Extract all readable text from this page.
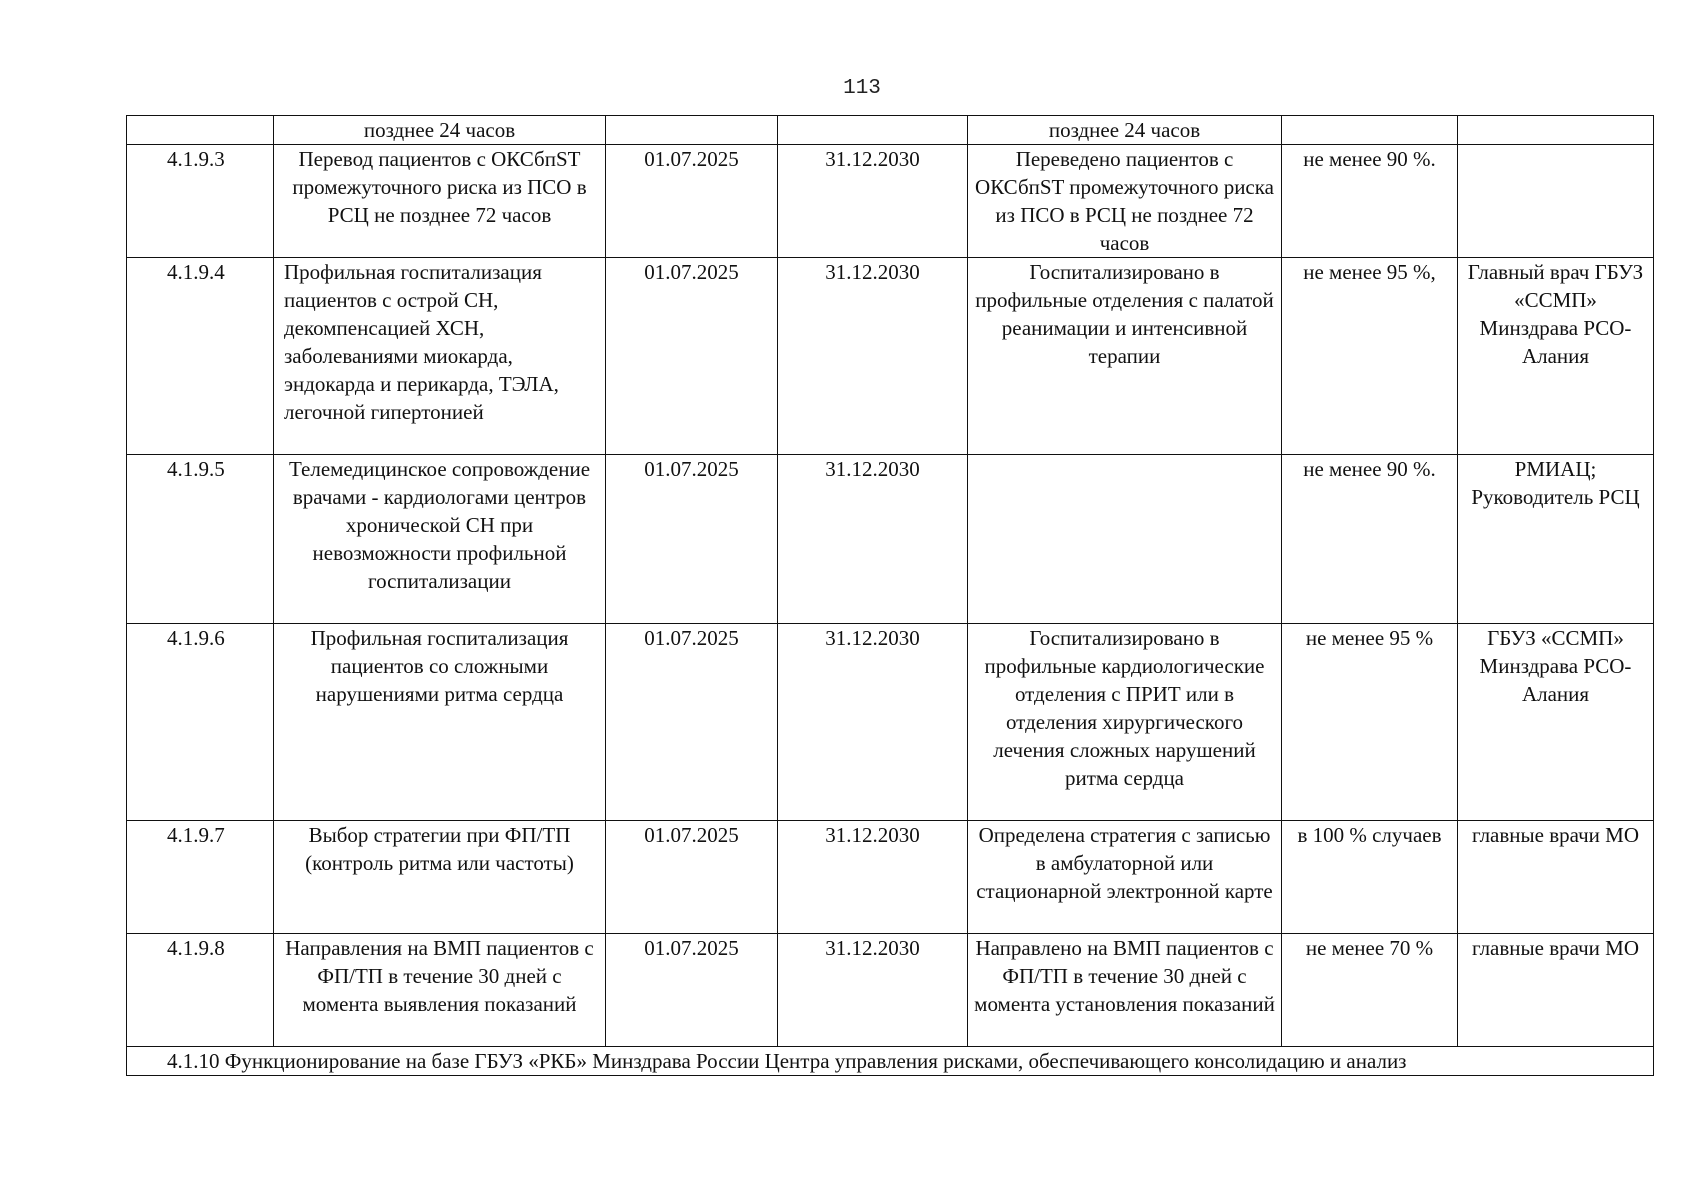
113
	позднее 24 часов			позднее 24 часов		
4.1.9.3	Перевод пациентов с ОКСбпST промежуточного риска из ПСО в РСЦ не позднее 72 часов	01.07.2025	31.12.2030	Переведено пациентов с ОКСбпST промежуточного риска из ПСО в РСЦ не позднее 72 часов	не менее 90 %.	
4.1.9.4	Профильная госпитализация пациентов с острой СН, декомпенсацией ХСН, заболеваниями миокарда, эндокарда и перикарда, ТЭЛА, легочной гипертонией	01.07.2025	31.12.2030	Госпитализировано в профильные отделения с палатой реанимации и интенсивной терапии	не менее 95 %,	Главный врач ГБУЗ «ССМП» Минздрава РСО-Алания
4.1.9.5	Телемедицинское сопровождение врачами - кардиологами центров хронической СН при невозможности профильной госпитализации	01.07.2025	31.12.2030		не менее 90 %.	РМИАЦ; Руководитель РСЦ
4.1.9.6	Профильная госпитализация пациентов со сложными нарушениями ритма сердца	01.07.2025	31.12.2030	Госпитализировано в профильные кардиологические отделения с ПРИТ или в отделения хирургического лечения сложных нарушений ритма сердца	не менее 95 %	ГБУЗ «ССМП» Минздрава РСО-Алания
4.1.9.7	Выбор стратегии при ФП/ТП (контроль ритма или частоты)	01.07.2025	31.12.2030	Определена стратегия с записью в амбулаторной или стационарной электронной карте	в 100 % случаев	главные врачи МО
4.1.9.8	Направления на ВМП пациентов с ФП/ТП в течение 30 дней с момента выявления показаний	01.07.2025	31.12.2030	Направлено на ВМП пациентов с ФП/ТП в течение 30 дней с момента установления показаний	не менее 70 %	главные врачи МО
4.1.10 Функционирование на базе ГБУЗ «РКБ» Минздрава России Центра управления рисками, обеспечивающего консолидацию и анализ						
